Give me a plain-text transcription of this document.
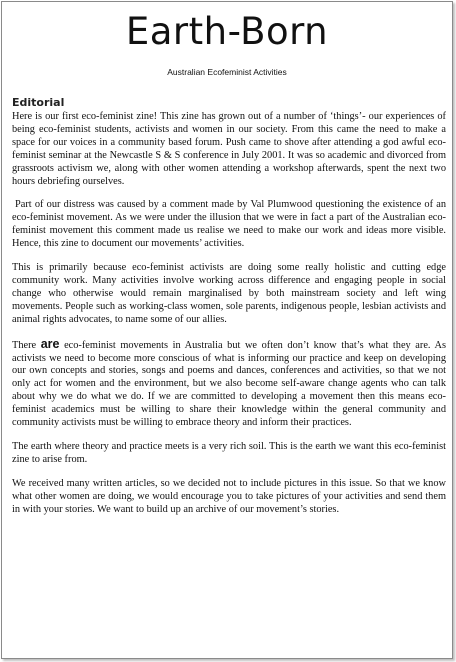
Earth-Born
Australian Ecofeminist Activities
Editorial

Here is our first eco-feminist zine! This zine has grown out of a number of ‘things’- our experiences of being eco-feminist students, activists and women in our society. From this came the need to make a space for our voices in a community based forum. Push came to shove after attending a god awful eco-feminist seminar at the Newcastle S & S conference in July 2001. It was so academic and divorced from grassroots activism we, along with other women attending a workshop afterwards, spent the next two hours debriefing ourselves.

Part of our distress was caused by a comment made by Val Plumwood questioning the existence of an eco-feminist movement. As we were under the illusion that we were in fact a part of the Australian eco-feminist movement this comment made us realise we need to make our work and ideas more visible. Hence, this zine to document our movements’ activities.

This is primarily because eco-feminist activists are doing some really holistic and cutting edge community work. Many activities involve working across difference and engaging people in social change who otherwise would remain marginalised by both mainstream society and left wing movements. People such as working-class women, sole parents, indigenous people, lesbian activists and animal rights advocates, to name some of our allies.

There are eco-feminist movements in Australia but we often don’t know that’s what they are. As activists we need to become more conscious of what is informing our practice and keep on developing our own concepts and stories, songs and poems and dances, conferences and activities, so that we not only act for women and the environment, but we also become self-aware change agents who can talk about why we do what we do. If we are committed to developing a movement then this means eco-feminist academics must be willing to share their knowledge within the general community and community activists must be willing to embrace theory and inform their practices.

The earth where theory and practice meets is a very rich soil. This is the earth we want this eco-feminist zine to arise from.

We received many written articles, so we decided not to include pictures in this issue. So that we know what other women are doing, we would encourage you to take pictures of your activities and send them in with your stories. We want to build up an archive of our movement’s stories.
